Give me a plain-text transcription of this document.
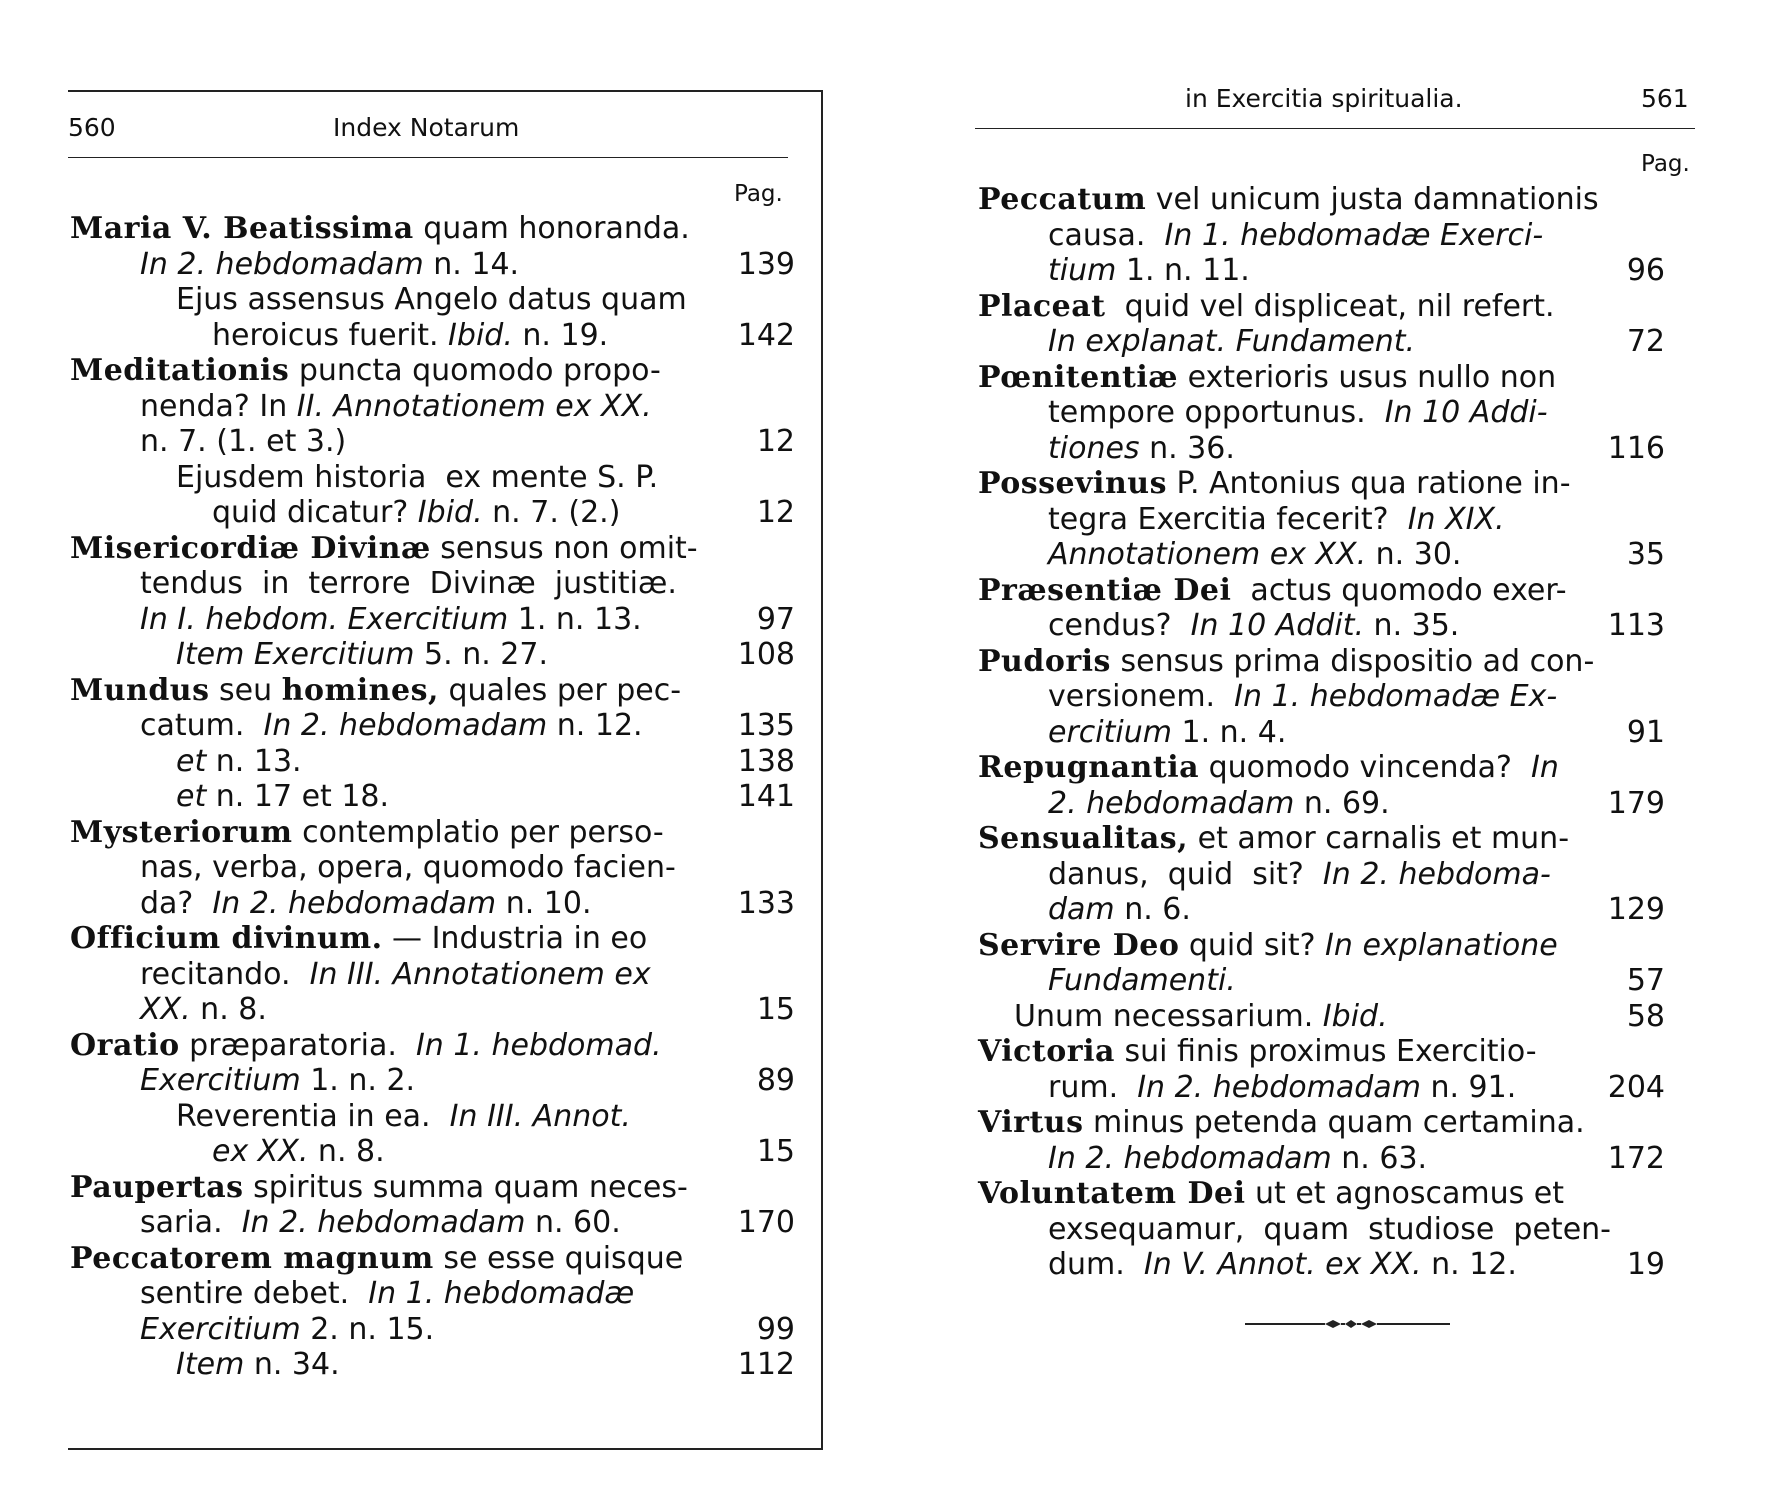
560	Index Notarum
Pag.
Maria V. Beatissima quam honoranda.
In 2. hebdomadam n. 14.	139
Ejus assensus Angelo datus quam
heroicus fuerit. Ibid. n. 19.	142
Meditationis puncta quomodo propo-
nenda? In II. Annotationem ex XX.
n. 7. (1. et 3.)	12
Ejusdem historia  ex mente S. P.
quid dicatur? Ibid. n. 7. (2.)	12
Misericordiæ Divinæ sensus non omit-
tendus  in  terrore  Divinæ  justitiæ.
In I. hebdom. Exercitium 1. n. 13.	97
Item Exercitium 5. n. 27.	108
Mundus seu homines, quales per pec-
catum.  In 2. hebdomadam n. 12.	135
et n. 13.	138
et n. 17 et 18.	141
Mysteriorum contemplatio per perso-
nas, verba, opera, quomodo facien-
da?  In 2. hebdomadam n. 10.	133
Officium divinum. — Industria in eo
recitando.  In III. Annotationem ex
XX. n. 8.	15
Oratio præparatoria.  In 1. hebdomad.
Exercitium 1. n. 2.	89
Reverentia in ea.  In III. Annot.
ex XX. n. 8.	15
Paupertas spiritus summa quam neces-
saria.  In 2. hebdomadam n. 60.	170
Peccatorem magnum se esse quisque
sentire debet.  In 1. hebdomadæ
Exercitium 2. n. 15.	99
Item n. 34.	112
in Exercitia spiritualia.	561
Pag.
Peccatum vel unicum justa damnationis
causa.  In 1. hebdomadæ Exerci-
tium 1. n. 11.	96
Placeat  quid vel displiceat, nil refert.
In explanat. Fundament.	72
Pœnitentiæ exterioris usus nullo non
tempore opportunus.  In 10 Addi-
tiones n. 36.	116
Possevinus P. Antonius qua ratione in-
tegra Exercitia fecerit?  In XIX.
Annotationem ex XX. n. 30.	35
Præsentiæ Dei  actus quomodo exer-
cendus?  In 10 Addit. n. 35.	113
Pudoris sensus prima dispositio ad con-
versionem.  In 1. hebdomadæ Ex-
ercitium 1. n. 4.	91
Repugnantia quomodo vincenda?  In
2. hebdomadam n. 69.	179
Sensualitas, et amor carnalis et mun-
danus,  quid  sit?  In 2. hebdoma-
dam n. 6.	129
Servire Deo quid sit? In explanatione
Fundamenti.	57
Unum necessarium. Ibid.	58
Victoria sui finis proximus Exercitio-
rum.  In 2. hebdomadam n. 91.	204
Virtus minus petenda quam certamina.
In 2. hebdomadam n. 63.	172
Voluntatem Dei ut et agnoscamus et
exsequamur,  quam  studiose  peten-
dum.  In V. Annot. ex XX. n. 12.	19
